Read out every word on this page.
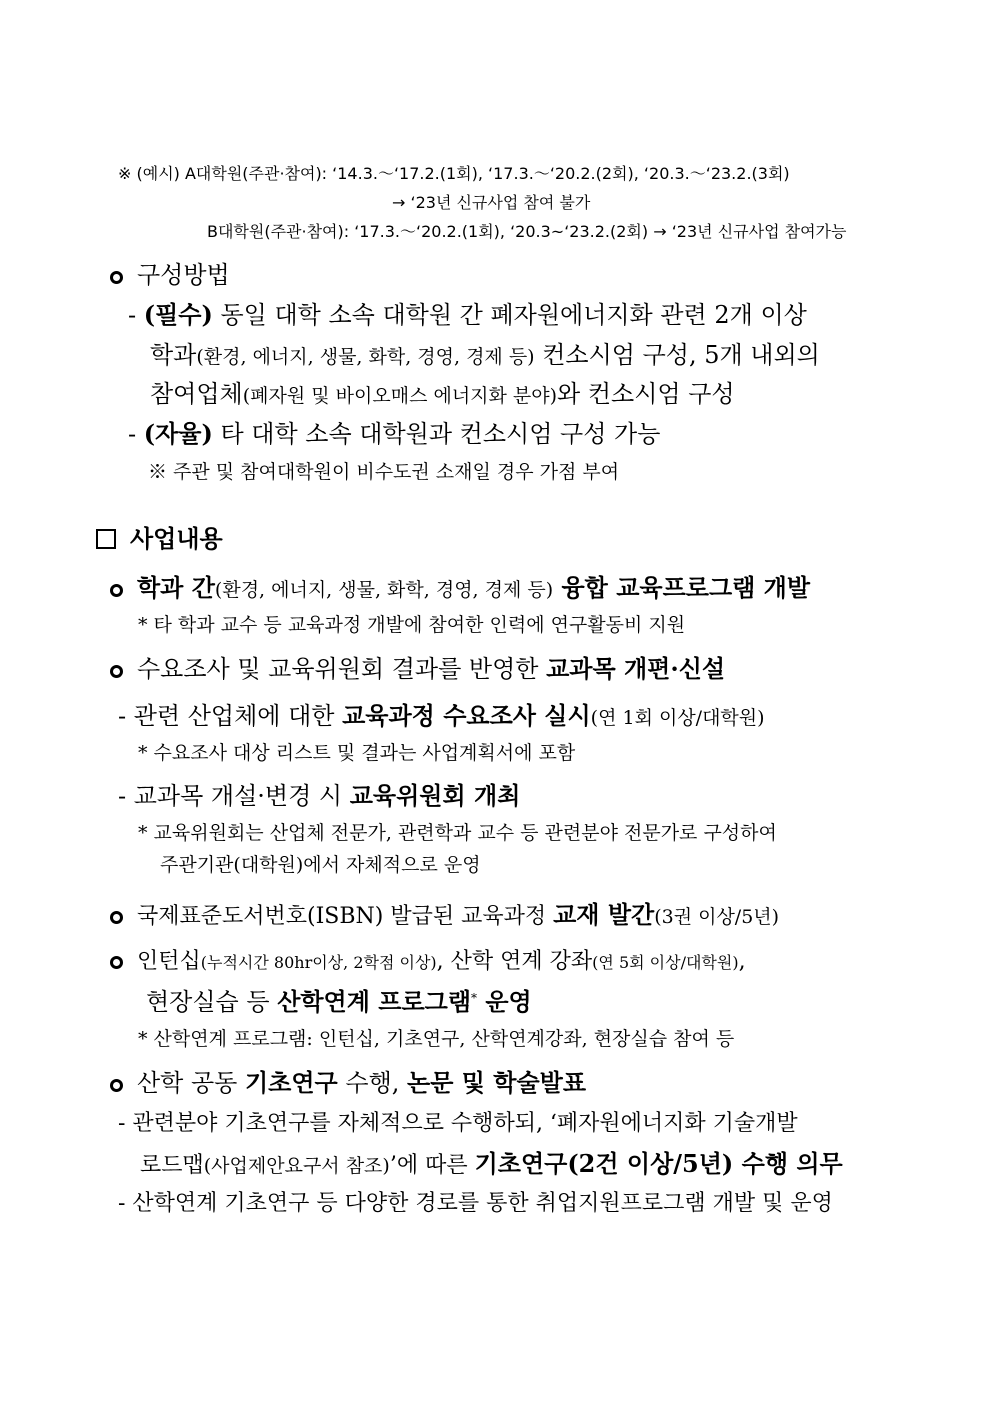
※ (예시) A대학원(주관·참여): ‘14.3.～‘17.2.(1회), ‘17.3.～‘20.2.(2회), ‘20.3.～‘23.2.(3회)
→ ‘23년 신규사업 참여 불가
B대학원(주관·참여): ‘17.3.～‘20.2.(1회), ‘20.3~‘23.2.(2회) → ‘23년 신규사업 참여가능
구성방법
- (필수) 동일 대학 소속 대학원 간 폐자원에너지화 관련 2개 이상
학과(환경, 에너지, 생물, 화학, 경영, 경제 등) 컨소시엄 구성, 5개 내외의
참여업체(폐자원 및 바이오매스 에너지화 분야)와 컨소시엄 구성
- (자율) 타 대학 소속 대학원과 컨소시엄 구성 가능
※ 주관 및 참여대학원이 비수도권 소재일 경우 가점 부여
사업내용
학과 간(환경, 에너지, 생물, 화학, 경영, 경제 등) 융합 교육프로그램 개발
* 타 학과 교수 등 교육과정 개발에 참여한 인력에 연구활동비 지원
수요조사 및 교육위원회 결과를 반영한 교과목 개편·신설
- 관련 산업체에 대한 교육과정 수요조사 실시(연 1회 이상/대학원)
* 수요조사 대상 리스트 및 결과는 사업계획서에 포함
- 교과목 개설·변경 시 교육위원회 개최
* 교육위원회는 산업체 전문가, 관련학과 교수 등 관련분야 전문가로 구성하여
주관기관(대학원)에서 자체적으로 운영
국제표준도서번호(ISBN) 발급된 교육과정 교재 발간(3권 이상/5년)
인턴십(누적시간 80hr이상, 2학점 이상), 산학 연계 강좌(연 5회 이상/대학원),
현장실습 등 산학연계 프로그램* 운영
* 산학연계 프로그램: 인턴십, 기초연구, 산학연계강좌, 현장실습 참여 등
산학 공동 기초연구 수행, 논문 및 학술발표
- 관련분야 기초연구를 자체적으로 수행하되, ‘폐자원에너지화 기술개발
로드맵(사업제안요구서 참조)’에 따른 기초연구(2건 이상/5년) 수행 의무
- 산학연계 기초연구 등 다양한 경로를 통한 취업지원프로그램 개발 및 운영
